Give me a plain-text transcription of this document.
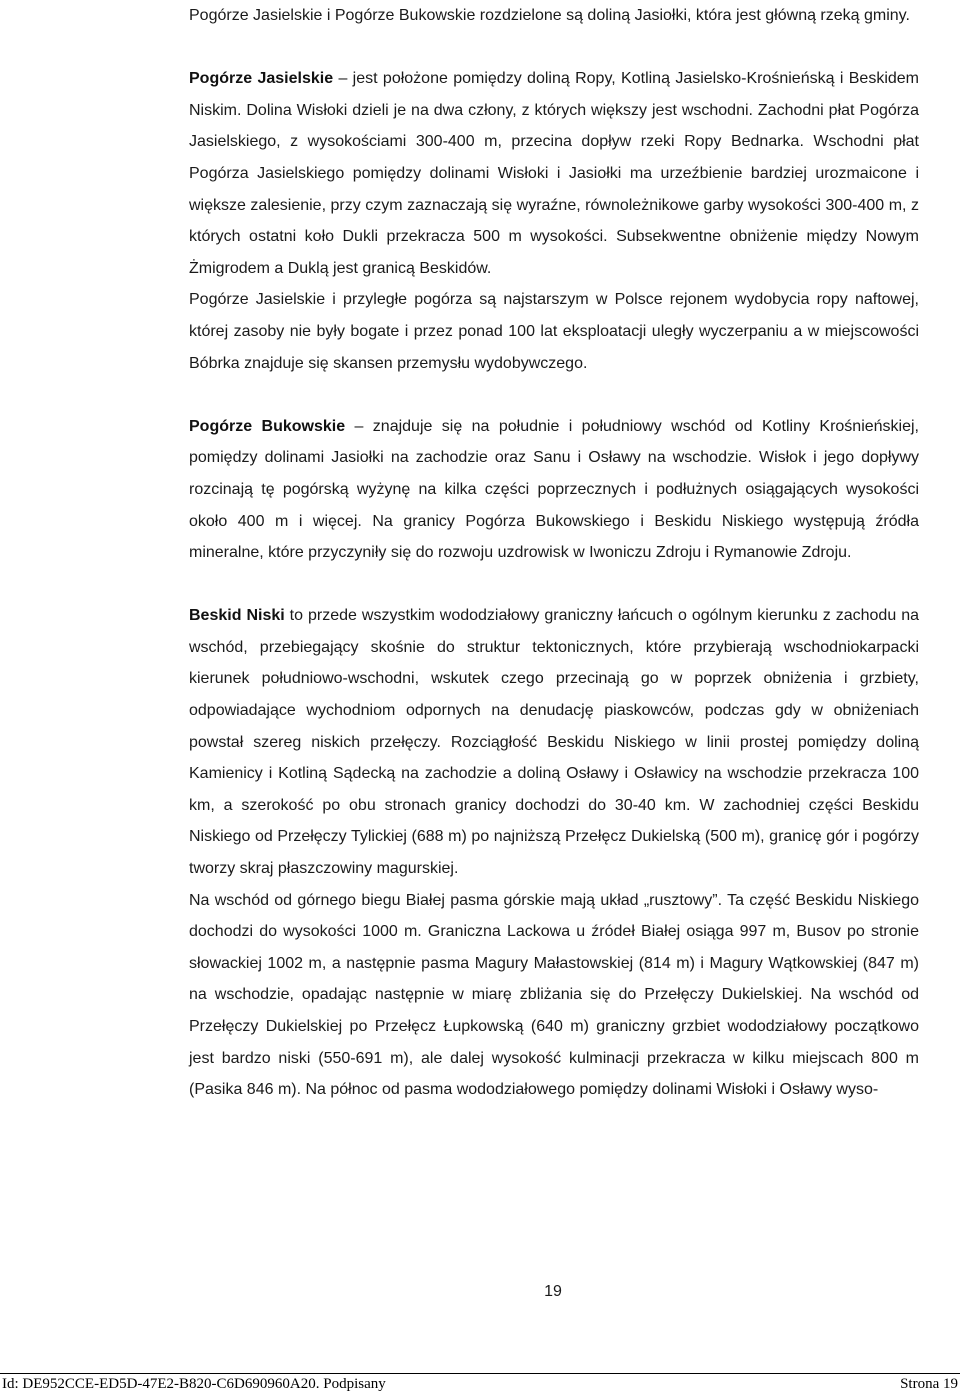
Pogórze Jasielskie i Pogórze Bukowskie rozdzielone są doliną Jasiołki, która jest główną rzeką gminy.

Pogórze Jasielskie – jest położone pomiędzy doliną Ropy, Kotliną Jasielsko-Krośnieńską i Beskidem Niskim. Dolina Wisłoki dzieli je na dwa człony, z których większy jest wschodni. Zachodni płat Pogórza Jasielskiego, z wysokościami 300-400 m, przecina dopływ rzeki Ropy Bednarka. Wschodni płat Pogórza Jasielskiego pomiędzy dolinami Wisłoki i Jasiołki ma urzeźbienie bardziej urozmaicone i większe zalesienie, przy czym zaznaczają się wyraźne, równoleżnikowe garby wysokości 300-400 m, z których ostatni koło Dukli przekracza 500 m wysokości. Subsekwentne obniżenie między Nowym Żmigrodem a Duklą jest granicą Beskidów.

Pogórze Jasielskie i przyległe pogórza są najstarszym w Polsce rejonem wydobycia ropy naftowej, której zasoby nie były bogate i przez ponad 100 lat eksploatacji uległy wyczerpaniu a w miejscowości Bóbrka znajduje się skansen przemysłu wydobywczego.

Pogórze Bukowskie – znajduje się na południe i południowy wschód od Kotliny Krośnieńskiej, pomiędzy dolinami Jasiołki na zachodzie oraz Sanu i Osławy na wschodzie. Wisłok i jego dopływy rozcinają tę pogórską wyżynę na kilka części poprzecznych i podłużnych osiągających wysokości około 400 m i więcej. Na granicy Pogórza Bukowskiego i Beskidu Niskiego występują źródła mineralne, które przyczyniły się do rozwoju uzdrowisk w Iwoniczu Zdroju i Rymanowie Zdroju.

Beskid Niski to przede wszystkim wododziałowy graniczny łańcuch o ogólnym kierunku z zachodu na wschód, przebiegający skośnie do struktur tektonicznych, które przybierają wschodniokarpacki kierunek południowo-wschodni, wskutek czego przecinają go w poprzek obniżenia i grzbiety, odpowiadające wychodniom odpornych na denudację piaskowców, podczas gdy w obniżeniach powstał szereg niskich przełęczy. Rozciągłość Beskidu Niskiego w linii prostej pomiędzy doliną Kamienicy i Kotliną Sądecką na zachodzie a doliną Osławy i Osławicy na wschodzie przekracza 100 km, a szerokość po obu stronach granicy dochodzi do 30-40 km. W zachodniej części Beskidu Niskiego od Przełęczy Tylickiej (688 m) po najniższą Przełęcz Dukielską (500 m), granicę gór i pogórzy tworzy skraj płaszczowiny magurskiej.

Na wschód od górnego biegu Białej pasma górskie mają układ „rusztowy”. Ta część Beskidu Niskiego dochodzi do wysokości 1000 m. Graniczna Lackowa u źródeł Białej osiąga 997 m, Busov po stronie słowackiej 1002 m, a następnie pasma Magury Małastowskiej (814 m) i Magury Wątkowskiej (847 m) na wschodzie, opadając następnie w miarę zbliżania się do Przełęczy Dukielskiej. Na wschód od Przełęczy Dukielskiej po Przełęcz Łupkowską (640 m) graniczny grzbiet wododziałowy początkowo jest bardzo niski (550-691 m), ale dalej wysokość kulminacji przekracza w kilku miejscach 800 m (Pasika 846 m). Na północ od pasma wododziałowego pomiędzy dolinami Wisłoki i Osławy wyso-

19
Id: DE952CCE-ED5D-47E2-B820-C6D690960A20. Podpisany	Strona 19
